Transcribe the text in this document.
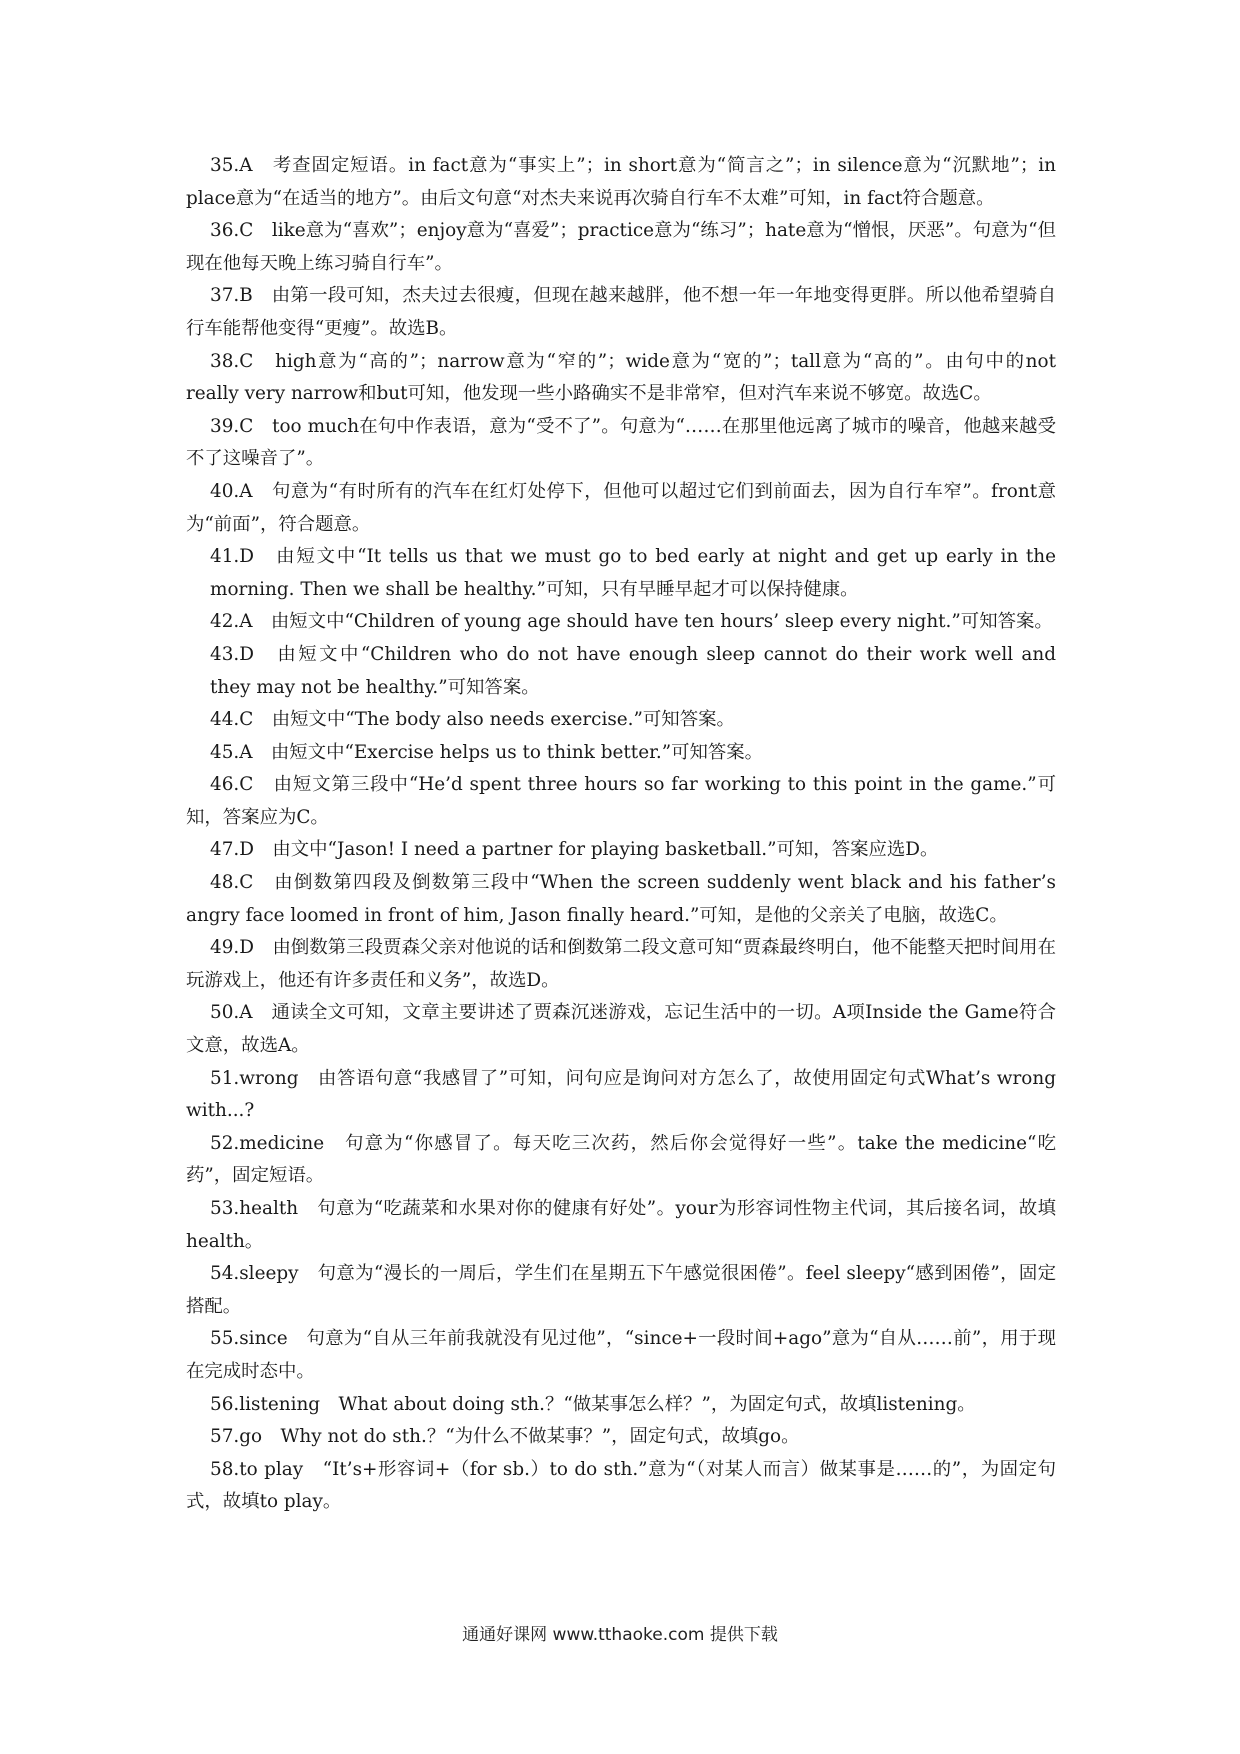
35.A　考查固定短语。in fact意为“事实上”；in short意为“简言之”；in silence意为“沉默地”；in place意为“在适当的地方”。由后文句意“对杰夫来说再次骑自行车不太难”可知，in fact符合题意。

36.C　like意为“喜欢”；enjoy意为“喜爱”；practice意为“练习”；hate意为“憎恨，厌恶”。句意为“但现在他每天晚上练习骑自行车”。

37.B　由第一段可知，杰夫过去很瘦，但现在越来越胖，他不想一年一年地变得更胖。所以他希望骑自行车能帮他变得“更瘦”。故选B。

38.C　high意为“高的”；narrow意为“窄的”；wide意为“宽的”；tall意为“高的”。由句中的not really very narrow和but可知，他发现一些小路确实不是非常窄，但对汽车来说不够宽。故选C。

39.C　too much在句中作表语，意为“受不了”。句意为“……在那里他远离了城市的噪音，他越来越受不了这噪音了”。

40.A　句意为“有时所有的汽车在红灯处停下，但他可以超过它们到前面去，因为自行车窄”。front意为“前面”，符合题意。

41.D　由短文中“It tells us that we must go to bed early at night and get up early in the morning. Then we shall be healthy.”可知，只有早睡早起才可以保持健康。

42.A　由短文中“Children of young age should have ten hours’ sleep every night.”可知答案。

43.D　由短文中“Children who do not have enough sleep cannot do their work well and they may not be healthy.”可知答案。

44.C　由短文中“The body also needs exercise.”可知答案。

45.A　由短文中“Exercise helps us to think better.”可知答案。

46.C　由短文第三段中“He’d spent three hours so far working to this point in the game.”可知，答案应为C。

47.D　由文中“Jason! I need a partner for playing basketball.”可知，答案应选D。

48.C　由倒数第四段及倒数第三段中“When the screen suddenly went black and his father’s angry face loomed in front of him, Jason finally heard.”可知，是他的父亲关了电脑，故选C。

49.D　由倒数第三段贾森父亲对他说的话和倒数第二段文意可知“贾森最终明白，他不能整天把时间用在玩游戏上，他还有许多责任和义务”，故选D。

50.A　通读全文可知，文章主要讲述了贾森沉迷游戏，忘记生活中的一切。A项Inside the Game符合文意，故选A。

51.wrong　由答语句意“我感冒了”可知，问句应是询问对方怎么了，故使用固定句式What’s wrong with...?

52.medicine　句意为“你感冒了。每天吃三次药，然后你会觉得好一些”。take the medicine“吃药”，固定短语。

53.health　句意为“吃蔬菜和水果对你的健康有好处”。your为形容词性物主代词，其后接名词，故填health。

54.sleepy　句意为“漫长的一周后，学生们在星期五下午感觉很困倦”。feel sleepy“感到困倦”，固定搭配。

55.since　句意为“自从三年前我就没有见过他”，“since+一段时间+ago”意为“自从……前”，用于现在完成时态中。

56.listening　What about doing sth.？“做某事怎么样？”，为固定句式，故填listening。

57.go　Why not do sth.？“为什么不做某事？”，固定句式，故填go。

58.to play　“It’s+形容词+（for sb.）to do sth.”意为“（对某人而言）做某事是……的”，为固定句式，故填to play。

通通好课网 www.tthaoke.com 提供下载
